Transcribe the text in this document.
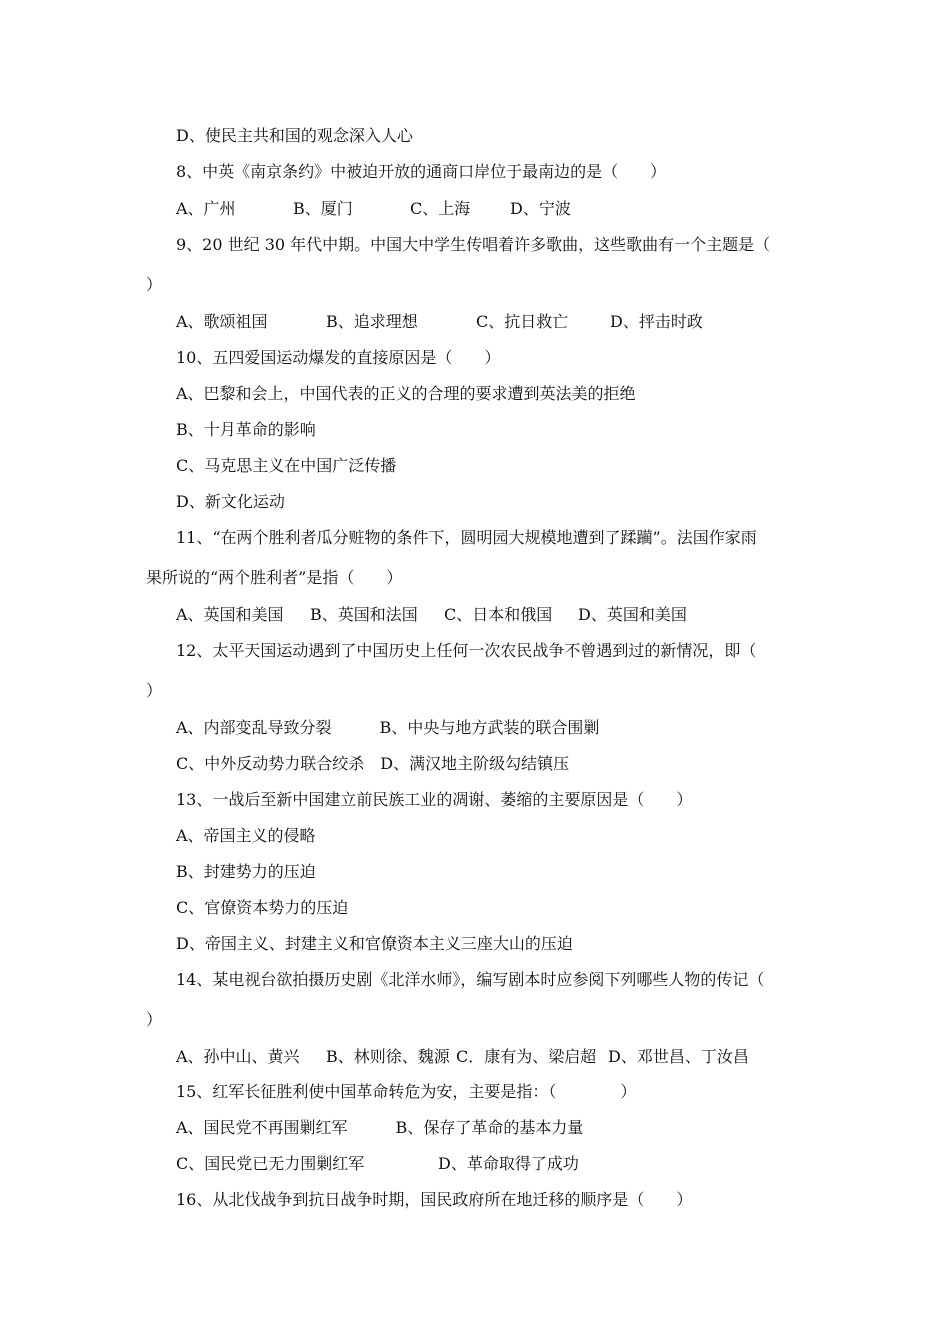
D、使民主共和国的观念深入人心
8、中英《南京条约》中被迫开放的通商口岸位于最南边的是（　　）
A、广州	B、厦门	C、上海 D、宁波
9、20 世纪 30 年代中期。中国大中学生传唱着许多歌曲，这些歌曲有一个主题是（
）
A、歌颂祖国	B、追求理想	C、抗日救亡	D、抨击时政
10、五四爱国运动爆发的直接原因是（　　）
A、巴黎和会上，中国代表的正义的合理的要求遭到英法美的拒绝
B、十月革命的影响
C、马克思主义在中国广泛传播
D、新文化运动
11、“在两个胜利者瓜分赃物的条件下，圆明园大规模地遭到了蹂躏”。法国作家雨
果所说的“两个胜利者”是指（　　）
A、英国和美国 B、英国和法国 C、日本和俄国 D、英国和美国
12、太平天国运动遇到了中国历史上任何一次农民战争不曾遇到过的新情况，即（
）
A、内部变乱导致分裂　　　B、中央与地方武装的联合围剿
C、中外反动势力联合绞杀　D、满汉地主阶级勾结镇压
13、一战后至新中国建立前民族工业的凋谢、萎缩的主要原因是（　　）
A、帝国主义的侵略
B、封建势力的压迫
C、官僚资本势力的压迫
D、帝国主义、封建主义和官僚资本主义三座大山的压迫
14、某电视台欲拍摄历史剧《北洋水师》，编写剧本时应参阅下列哪些人物的传记（
）
A、孙中山、黄兴 B、林则徐、魏源 C．康有为、梁启超 D、邓世昌、丁汝昌
15、红军长征胜利使中国革命转危为安，主要是指：（　　　　）
A、国民党不再围剿红军　　　B、保存了革命的基本力量
C、国民党已无力围剿红军	D、革命取得了成功
16、从北伐战争到抗日战争时期，国民政府所在地迁移的顺序是（　　）
